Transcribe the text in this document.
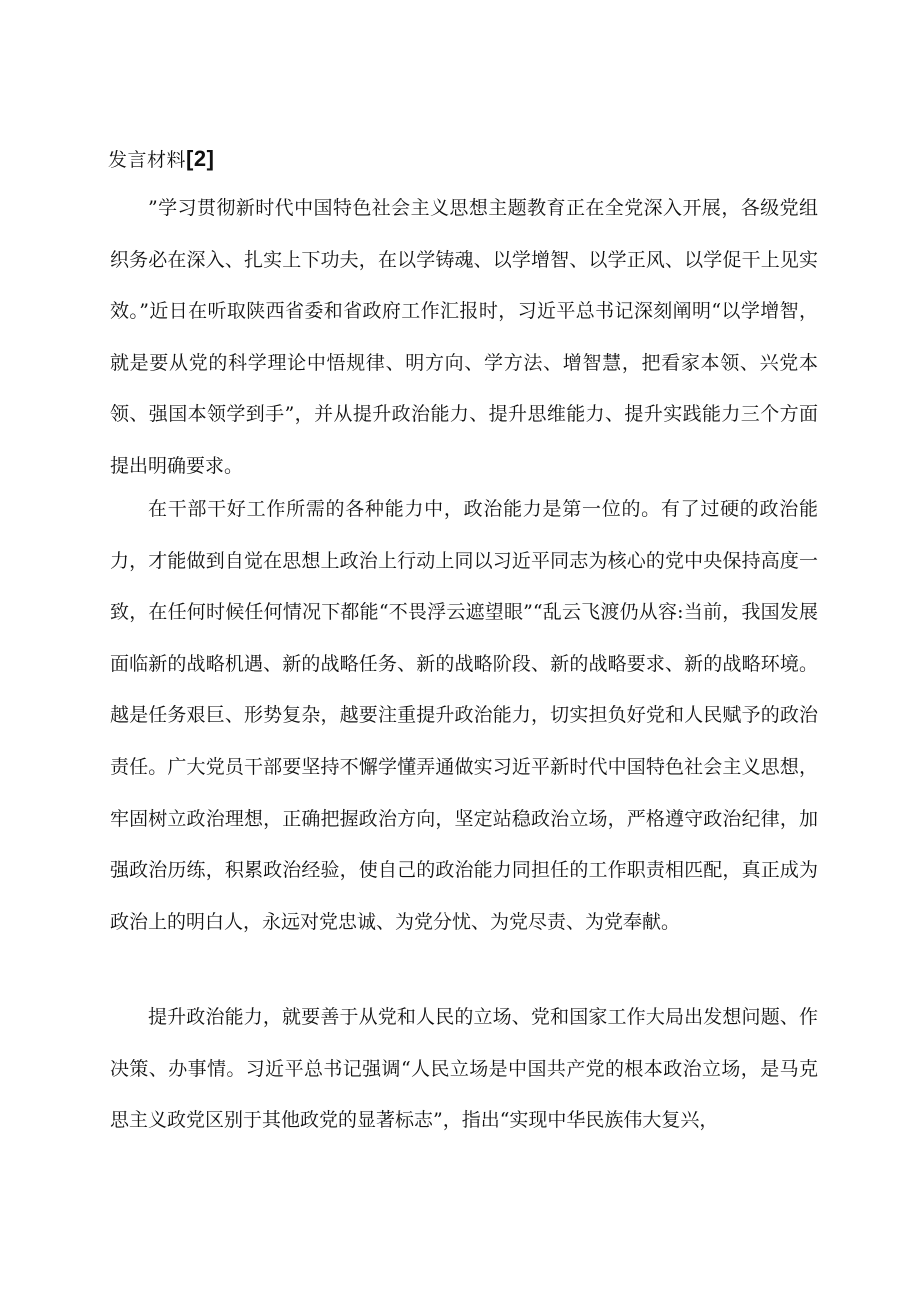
发言材料[2]

”学习贯彻新时代中国特色社会主义思想主题教育正在全党深入开展，各级党组织务必在深入、扎实上下功夫，在以学铸魂、以学增智、以学正风、以学促干上见实效。”近日在听取陕西省委和省政府工作汇报时，习近平总书记深刻阐明“以学增智，就是要从党的科学理论中悟规律、明方向、学方法、增智慧，把看家本领、兴党本领、强国本领学到手”，并从提升政治能力、提升思维能力、提升实践能力三个方面提出明确要求。

在干部干好工作所需的各种能力中，政治能力是第一位的。有了过硬的政治能力，才能做到自觉在思想上政治上行动上同以习近平同志为核心的党中央保持高度一致，在任何时候任何情况下都能“不畏浮云遮望眼”“乱云飞渡仍从容:当前，我国发展面临新的战略机遇、新的战略任务、新的战略阶段、新的战略要求、新的战略环境。越是任务艰巨、形势复杂，越要注重提升政治能力，切实担负好党和人民赋予的政治责任。广大党员干部要坚持不懈学懂弄通做实习近平新时代中国特色社会主义思想，牢固树立政治理想，正确把握政治方向，坚定站稳政治立场，严格遵守政治纪律，加强政治历练，积累政治经验，使自己的政治能力同担任的工作职责相匹配，真正成为政治上的明白人，永远对党忠诚、为党分忧、为党尽责、为党奉献。

提升政治能力，就要善于从党和人民的立场、党和国家工作大局出发想问题、作决策、办事情。习近平总书记强调“人民立场是中国共产党的根本政治立场，是马克思主义政党区别于其他政党的显著标志”，指出“实现中华民族伟大复兴，
